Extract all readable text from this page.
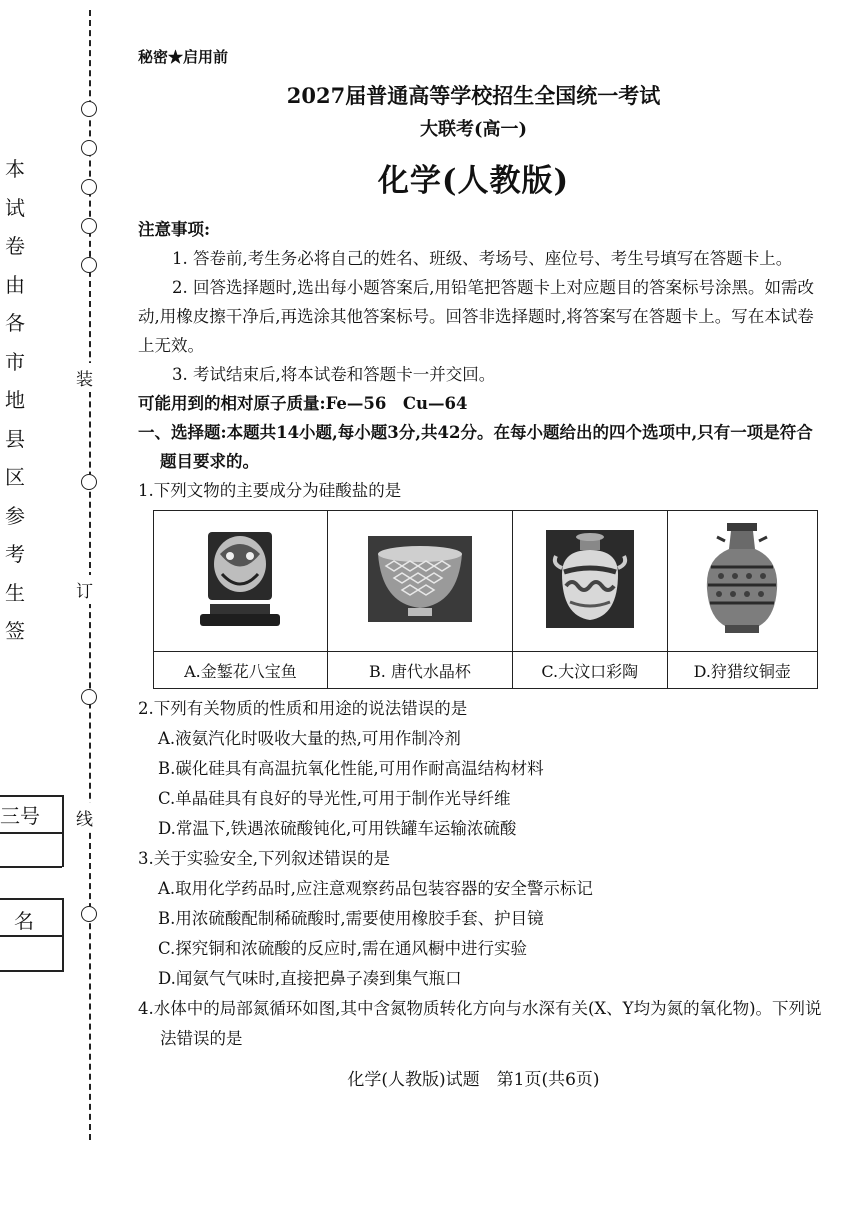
装
订
线
本
试
卷
由
各
市
地
县
区
参
考
生
签
三号
名
秘密★启用前
2027届普通高等学校招生全国统一考试
大联考(高一)
化学(人教版)

注意事项:

1. 答卷前,考生务必将自己的姓名、班级、考场号、座位号、考生号填写在答题卡上。

2. 回答选择题时,选出每小题答案后,用铅笔把答题卡上对应题目的答案标号涂黑。如需改动,用橡皮擦干净后,再选涂其他答案标号。回答非选择题时,将答案写在答题卡上。写在本试卷上无效。

3. 考试结束后,将本试卷和答题卡一并交回。

可能用到的相对原子质量:Fe—56　Cu—64

一、选择题:本题共14小题,每小题3分,共42分。在每小题给出的四个选项中,只有一项是符合题目要求的。

1.下列文物的主要成分为硅酸盐的是

A.金錾花八宝鱼	B. 唐代水晶杯	C.大汶口彩陶	D.狩猎纹铜壶

2.下列有关物质的性质和用途的说法错误的是

A.液氨汽化时吸收大量的热,可用作制冷剂

B.碳化硅具有高温抗氧化性能,可用作耐高温结构材料

C.单晶硅具有良好的导光性,可用于制作光导纤维

D.常温下,铁遇浓硫酸钝化,可用铁罐车运输浓硫酸

3.关于实验安全,下列叙述错误的是

A.取用化学药品时,应注意观察药品包装容器的安全警示标记

B.用浓硫酸配制稀硫酸时,需要使用橡胶手套、护目镜

C.探究铜和浓硫酸的反应时,需在通风橱中进行实验

D.闻氨气气味时,直接把鼻子凑到集气瓶口

4.水体中的局部氮循环如图,其中含氮物质转化方向与水深有关(X、Y均为氮的氧化物)。下列说法错误的是

化学(人教版)试题　第1页(共6页)
